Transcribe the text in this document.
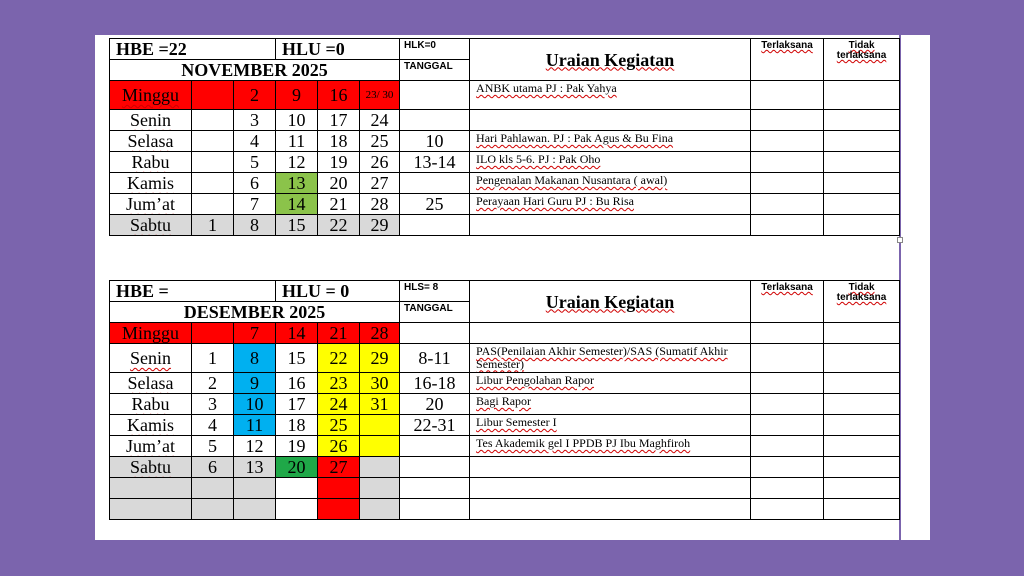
HBE =22			HLU =0			HLK=0	Uraian Kegiatan	Terlaksana	Tidak terlaksana
NOVEMBER 2025						TANGGAL			
Minggu		2	9	16	23/ 30		ANBK utama PJ : Pak Yahya		
Senin		3	10	17	24				
Selasa		4	11	18	25	10	Hari Pahlawan. PJ : Pak Agus & Bu Fina		
Rabu		5	12	19	26	13-14	ILO kls 5-6. PJ : Pak Oho		
Kamis		6	13	20	27		Pengenalan Makanan Nusantara ( awal)		
Jum’at		7	14	21	28	25	Perayaan Hari Guru PJ : Bu Risa		
Sabtu	1	8	15	22	29				
HBE =			HLU = 0			HLS= 8	Uraian Kegiatan	Terlaksana	Tidak terlaksana
DESEMBER 2025						TANGGAL			
Minggu		7	14	21	28				
Senin	1	8	15	22	29	8-11	PAS(Penilaian Akhir Semester)/SAS (Sumatif Akhir Semester)		
Selasa	2	9	16	23	30	16-18	Libur Pengolahan Rapor		
Rabu	3	10	17	24	31	20	Bagi Rapor		
Kamis	4	11	18	25		22-31	Libur Semester I		
Jum’at	5	12	19	26			Tes Akademik gel I PPDB PJ Ibu Maghfiroh		
Sabtu	6	13	20	27					
